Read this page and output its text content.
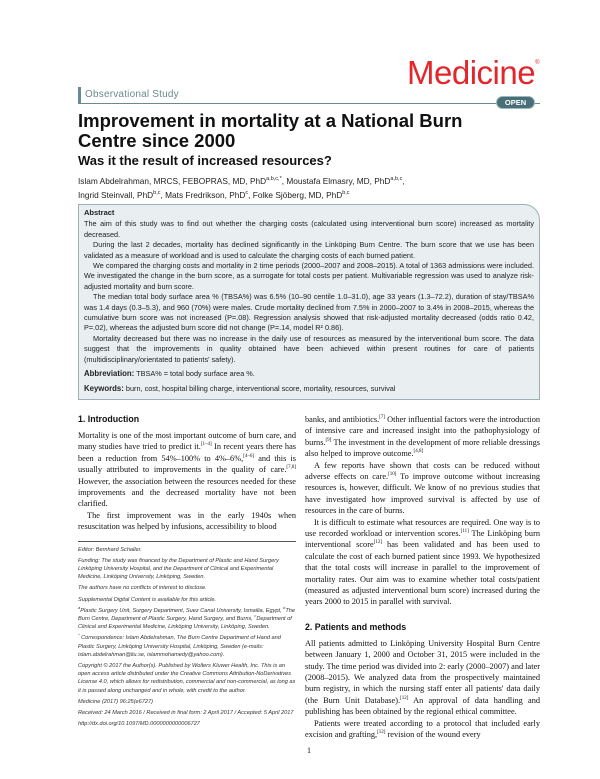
Observational Study
Medicine®
OPEN
Improvement in mortality at a National Burn Centre since 2000
Was it the result of increased resources?
Islam Abdelrahman, MRCS, FEBOPRAS, MD, PhD$^{a,b,c,*}$, Moustafa Elmasry, MD, PhD$^{a,b,c}$,
Ingrid Steinvall, PhD$^{b,c}$, Mats Fredrikson, PhD$^c$, Folke Sjöberg, MD, PhD$^{b,c}$
Abstract

The aim of this study was to find out whether the charging costs (calculated using interventional burn score) increased as mortality decreased.

During the last 2 decades, mortality has declined significantly in the Linköping Burn Centre. The burn score that we use has been validated as a measure of workload and is used to calculate the charging costs of each burned patient.

We compared the charging costs and mortality in 2 time periods (2000–2007 and 2008–2015). A total of 1363 admissions were included. We investigated the change in the burn score, as a surrogate for total costs per patient. Multivariable regression was used to analyze risk-adjusted mortality and burn score.

The median total body surface area % (TBSA%) was 6.5% (10–90 centile 1.0–31.0), age 33 years (1.3–72.2), duration of stay/TBSA% was 1.4 days (0.3–5.3), and 960 (70%) were males. Crude mortality declined from 7.5% in 2000–2007 to 3.4% in 2008–2015, whereas the cumulative burn score was not increased (P=.08). Regression analysis showed that risk-adjusted mortality decreased (odds ratio 0.42, P=.02), whereas the adjusted burn score did not change (P=.14, model R² 0.86).

Mortality decreased but there was no increase in the daily use of resources as measured by the interventional burn score. The data suggest that the improvements in quality obtained have been achieved within present routines for care of patients (multidisciplinary/orientated to patients' safety).

Abbreviation: TBSA% = total body surface area %.

Keywords: burn, cost, hospital billing charge, interventional score, mortality, resources, survival

1. Introduction

Mortality is one of the most important outcome of burn care, and many studies have tried to predict it.[1–4] In recent years there has been a reduction from 54%–100% to 4%–6%,[4–6] and this is usually attributed to improvements in the quality of care.[7,8] However, the association between the resources needed for these improvements and the decreased mortality have not been clarified.

The first improvement was in the early 1940s when resuscitation was helped by infusions, accessibility to blood

Editor: Bernhard Schaller.

Funding: The study was financed by the Department of Plastic and Hand Surgery Linköping University Hospital, and the Department of Clinical and Experimental Medicine, Linköping University, Linköping, Sweden.

The authors have no conflicts of interest to disclose.

Supplemental Digital Content is available for this article.

$^a$Plastic Surgery Unit, Surgery Department, Suez Canal University, Ismailia, Egypt, $^b$The Burn Centre, Department of Plastic Surgery, Hand Surgery, and Burns, $^c$Department of Clinical and Experimental Medicine, Linköping University, Linköping, Sweden.

* Correspondence: Islam Abdelrahman, The Burn Centre Department of Hand and Plastic Surgery, Linköping University Hospital, Linköping, Sweden (e-mails: islam.abdelrahman@liu.se, islammohamedy@yahoo.com).

Copyright © 2017 the Author(s). Published by Wolters Kluwer Health, Inc. This is an open access article distributed under the Creative Commons Attribution-NoDerivatives License 4.0, which allows for redistribution, commercial and non-commercial, as long as it is passed along unchanged and in whole, with credit to the author.

Medicine (2017) 96:25(e6727)

Received: 24 March 2016 / Received in final form: 2 April 2017 / Accepted: 5 April 2017

http://dx.doi.org/10.1097/MD.0000000000006727

banks, and antibiotics.[7] Other influential factors were the introduction of intensive care and increased insight into the pathophysiology of burns.[9] The investment in the development of more reliable dressings also helped to improve outcome.[4,8]

A few reports have shown that costs can be reduced without adverse effects on care.[10] To improve outcome without increasing resources is, however, difficult. We know of no previous studies that have investigated how improved survival is affected by use of resources in the care of burns.

It is difficult to estimate what resources are required. One way is to use recorded workload or intervention scores.[11] The Linköping burn interventional score[12] has been validated and has been used to calculate the cost of each burned patient since 1993. We hypothesized that the total costs will increase in parallel to the improvement of mortality rates. Our aim was to examine whether total costs/patient (measured as adjusted interventional burn score) increased during the years 2000 to 2015 in parallel with survival.

2. Patients and methods

All patients admitted to Linköping University Hospital Burn Centre between January 1, 2000 and October 31, 2015 were included in the study. The time period was divided into 2: early (2000–2007) and later (2008–2015). We analyzed data from the prospectively maintained burn registry, in which the nursing staff enter all patients' data daily (the Burn Unit Database).[12] An approval of data handling and publishing has been obtained by the regional ethical committee.

Patients were treated according to a protocol that included early excision and grafting,[12] revision of the wound every

1
